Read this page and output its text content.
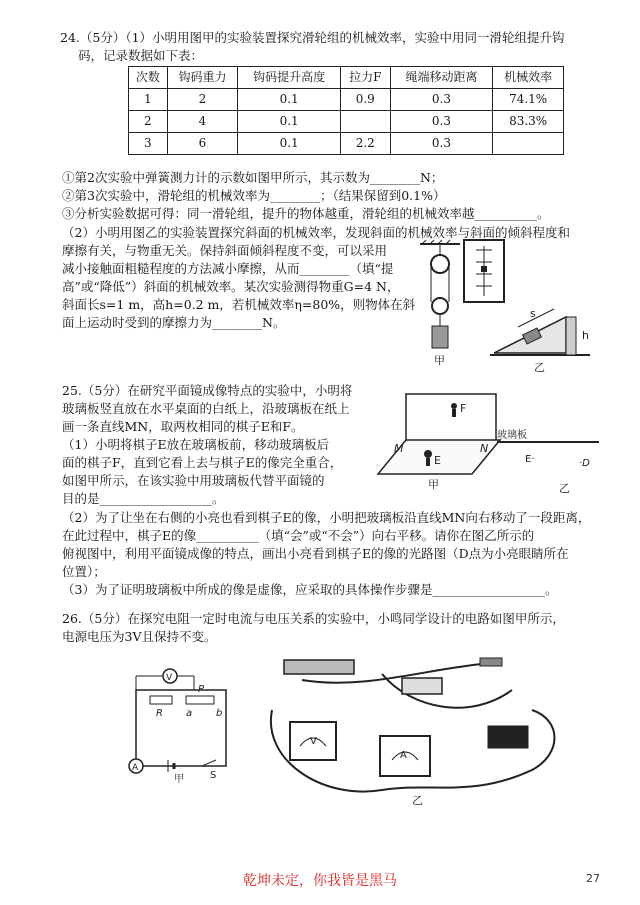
24.（5分）（1）小明用图甲的实验装置探究滑轮组的机械效率，实验中用同一滑轮组提升钩
码，记录数据如下表：
次数	钩码重力	钩码提升高度	拉力F	绳端移动距离	机械效率
1	2	0.1	0.9	0.3	74.1%
2	4	0.1		0.3	83.3%
3	6	0.1	2.2	0.3	
①第2次实验中弹簧测力计的示数如图甲所示，其示数为________N；
②第3次实验中，滑轮组的机械效率为________；（结果保留到0.1%）
③分析实验数据可得：同一滑轮组，提升的物体越重，滑轮组的机械效率越__________。
（2）小明用图乙的实验装置探究斜面的机械效率，发现斜面的机械效率与斜面的倾斜程度和
摩擦有关，与物重无关。保持斜面倾斜程度不变，可以采用
减小接触面粗糙程度的方法减小摩擦，从而________（填“提
高”或“降低”）斜面的机械效率。某次实验测得物重G=4 N，
斜面长s=1 m，高h=0.2 m，若机械效率η=80%，则物体在斜
面上运动时受到的摩擦力为________N。
甲
s
h
乙
25.（5分）在研究平面镜成像特点的实验中，小明将
玻璃板竖直放在水平桌面的白纸上，沿玻璃板在纸上
画一条直线MN，取两枚相同的棋子E和F。
（1）小明将棋子E放在玻璃板前，移动玻璃板后
面的棋子F，直到它看上去与棋子E的像完全重合，
如图甲所示，在该实验中用玻璃板代替平面镜的
目的是__________________。
（2）为了让坐在右侧的小亮也看到棋子E的像，小明把玻璃板沿直线MN向右移动了一段距离，
在此过程中，棋子E的像__________（填“会”或“不会”）向右平移。请你在图乙所示的
俯视图中，利用平面镜成像的特点，画出小亮看到棋子E的像的光路图（D点为小亮眼睛所在
位置）；
（3）为了证明玻璃板中所成的像是虚像，应采取的具体操作步骤是__________________。
F
E
M	N
甲
玻璃板
E·	·D
乙
26.（5分）在探究电阻一定时电流与电压关系的实验中，小鸣同学设计的电路如图甲所示，
电源电压为3V且保持不变。
V
A
R
P
a b
S
甲
V
A
乙
乾坤未定，你我皆是黑马	27
